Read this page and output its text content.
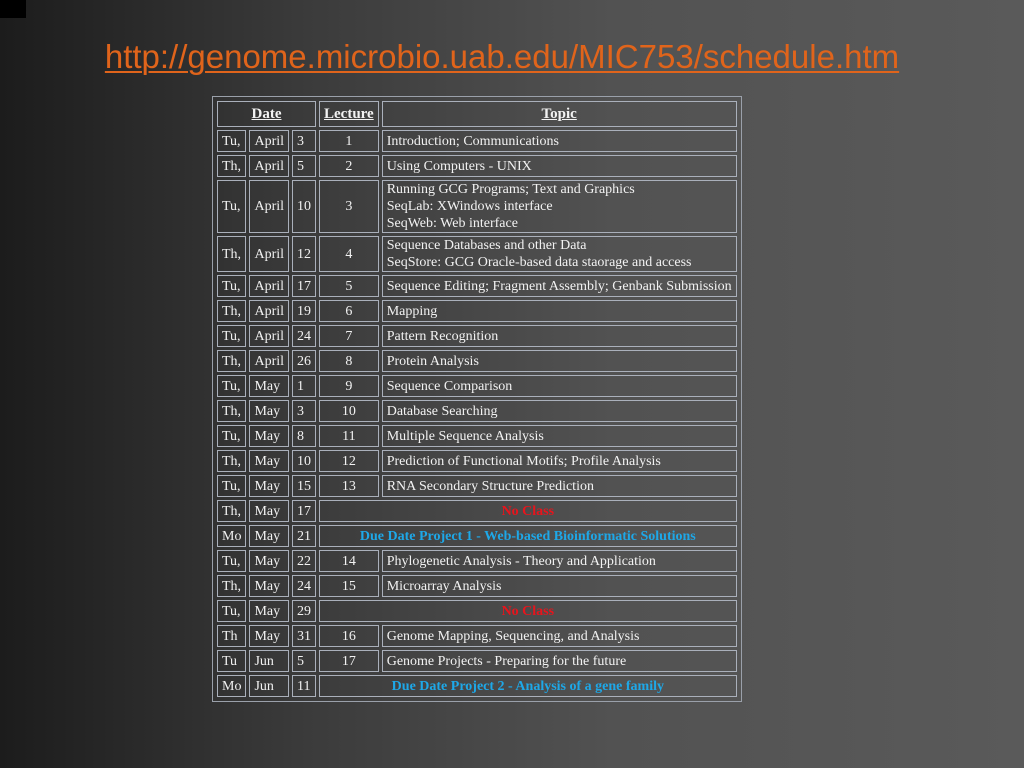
http://genome.microbio.uab.edu/MIC753/schedule.htm
Date			Lecture	Topic
Tu,	April	3	1	Introduction; Communications

Th,	April	5	2	Using Computers - UNIX

Tu,	April	10	3	Running GCG Programs; Text and Graphics
SeqLab: XWindows interface
SeqWeb: Web interface

Th,	April	12	4	Sequence Databases and other Data
SeqStore: GCG Oracle-based data staorage and access

Tu,	April	17	5	Sequence Editing; Fragment Assembly; Genbank Submission

Th,	April	19	6	Mapping

Tu,	April	24	7	Pattern Recognition

Th,	April	26	8	Protein Analysis

Tu,	May	1	9	Sequence Comparison

Th,	May	3	10	Database Searching

Tu,	May	8	11	Multiple Sequence Analysis

Th,	May	10	12	Prediction of Functional Motifs; Profile Analysis

Tu,	May	15	13	RNA Secondary Structure Prediction

Th,	May	17	No Class	
Mo	May	21	Due Date Project 1 - Web-based Bioinformatic Solutions	
Tu,	May	22	14	Phylogenetic Analysis - Theory and Application

Th,	May	24	15	Microarray Analysis

Tu,	May	29	No Class	
Th	May	31	16	Genome Mapping, Sequencing, and Analysis

Tu	Jun	5	17	Genome Projects - Preparing for the future

Mo	Jun	11	Due Date Project 2 - Analysis of a gene family	
